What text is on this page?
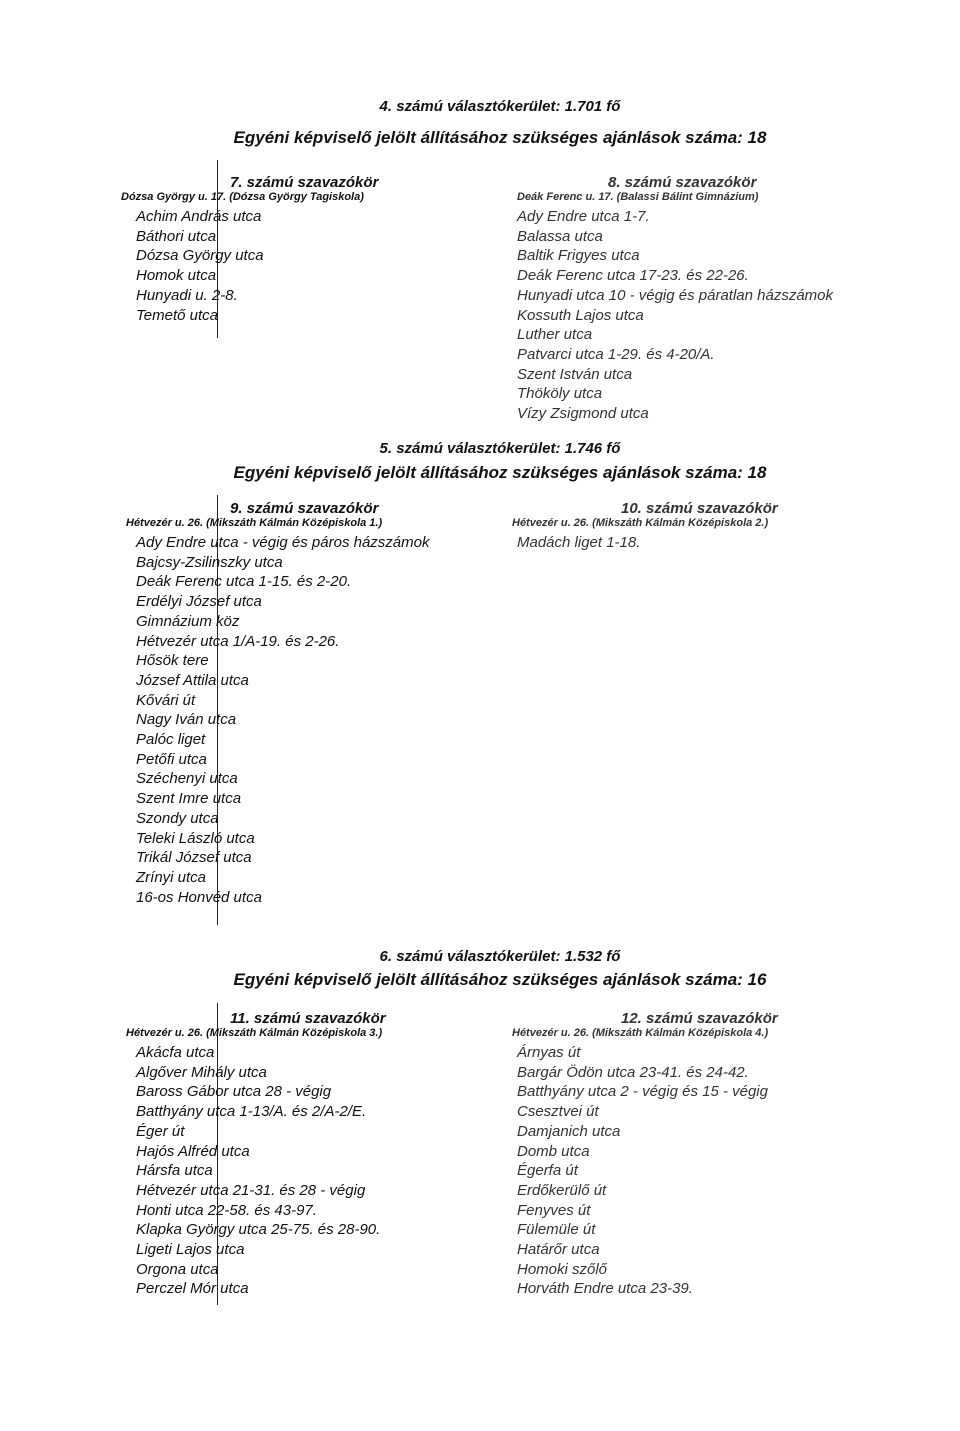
4. számú választókerület: 1.701 fő

Egyéni képviselő jelölt állításához szükséges ajánlások száma: 18

7. számú szavazókör

Dózsa György u. 17. (Dózsa György Tagiskola)

Achim András utca
Báthori utca
Dózsa György utca
Homok utca
Hunyadi u. 2-8.
Temető utca

8. számú szavazókör

Deák Ferenc u. 17. (Balassi Bálint Gimnázium)

Ady Endre utca 1-7.
Balassa utca
Baltik Frigyes utca
Deák Ferenc utca 17-23. és 22-26.
Hunyadi utca 10 - végig és páratlan házszámok
Kossuth Lajos utca
Luther utca
Patvarci utca 1-29. és 4-20/A.
Szent István utca
Thököly utca
Vízy Zsigmond utca

5. számú választókerület: 1.746 fő

Egyéni képviselő jelölt állításához szükséges ajánlások száma: 18

9. számú szavazókör

Hétvezér u. 26. (Mikszáth Kálmán Középiskola 1.)

Ady Endre utca - végig és páros házszámok
Bajcsy-Zsilinszky utca
Deák Ferenc utca 1-15. és 2-20.
Erdélyi József utca
Gimnázium köz
Hétvezér utca 1/A-19. és 2-26.
Hősök tere
József Attila utca
Kővári út
Nagy Iván utca
Palóc liget
Petőfi utca
Széchenyi utca
Szent Imre utca
Szondy utca
Teleki László utca
Trikál József utca
Zrínyi utca
16-os Honvéd utca

10. számú szavazókör

Hétvezér u. 26. (Mikszáth Kálmán Középiskola 2.)

Madách liget 1-18.

6. számú választókerület: 1.532 fő

Egyéni képviselő jelölt állításához szükséges ajánlások száma: 16

11. számú szavazókör

Hétvezér u. 26. (Mikszáth Kálmán Középiskola 3.)

Akácfa utca
Algőver Mihály utca
Baross Gábor utca 28 - végig
Batthyány utca 1-13/A. és 2/A-2/E.
Éger út
Hajós Alfréd utca
Hársfa utca
Hétvezér utca 21-31. és 28 - végig
Honti utca 22-58. és 43-97.
Klapka György utca 25-75. és 28-90.
Ligeti Lajos utca
Orgona utca
Perczel Mór utca

12. számú szavazókör

Hétvezér u. 26. (Mikszáth Kálmán Középiskola 4.)

Árnyas út
Bargár Ödön utca 23-41. és 24-42.
Batthyány utca 2 - végig és 15 - végig
Csesztvei út
Damjanich utca
Domb utca
Égerfa út
Erdőkerülő út
Fenyves út
Fülemüle út
Határőr utca
Homoki szőlő
Horváth Endre utca 23-39.
